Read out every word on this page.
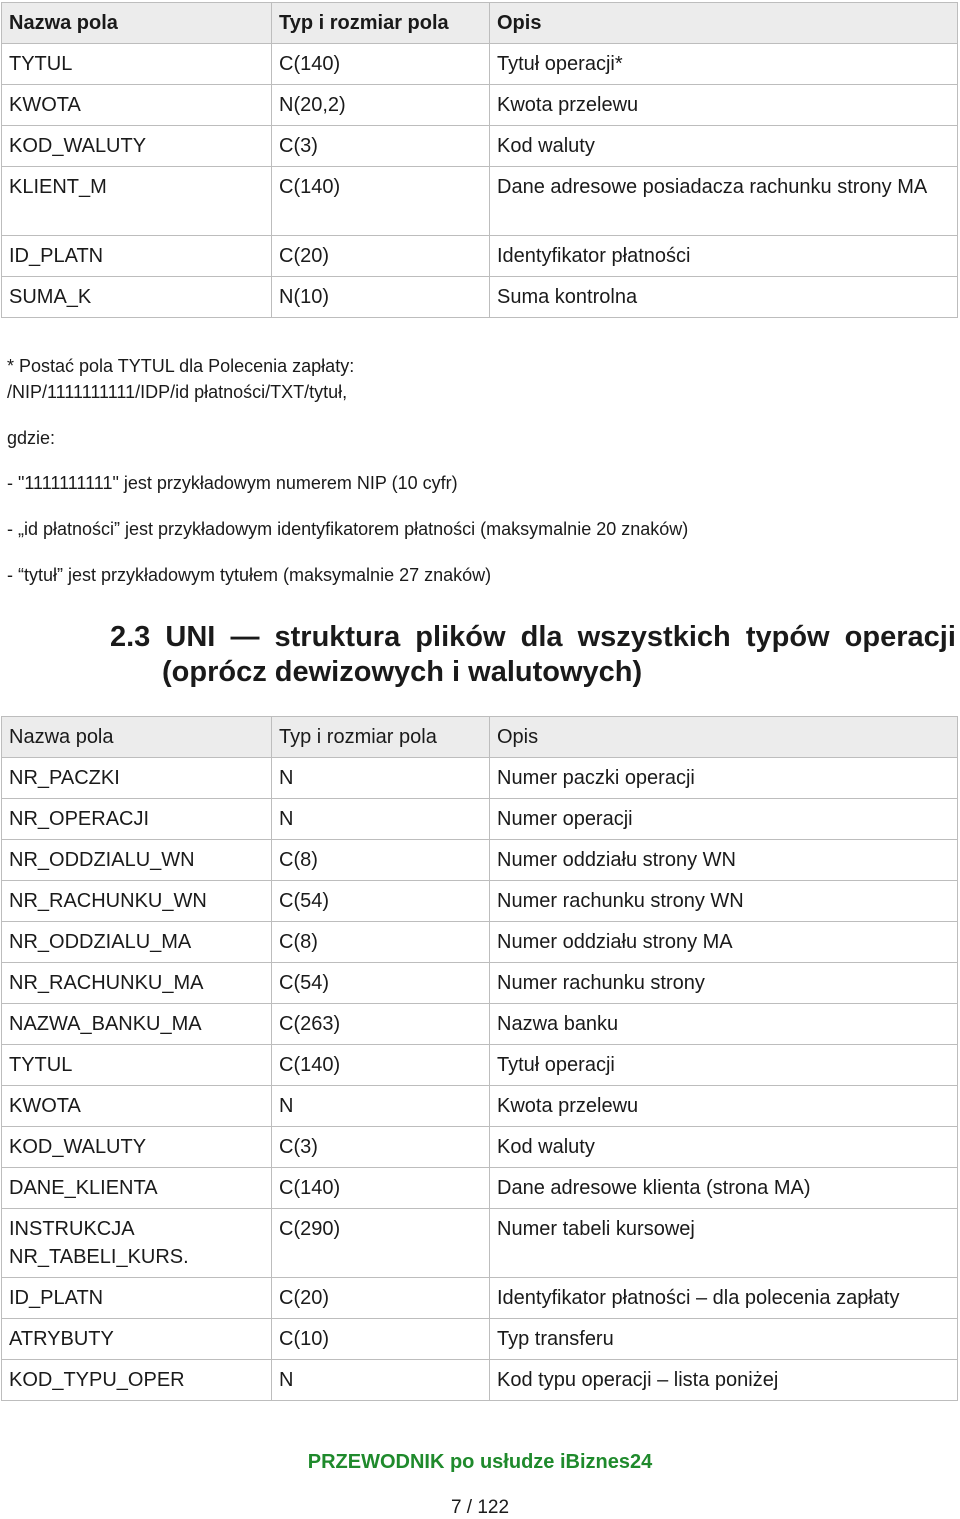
Nazwa pola	Typ i rozmiar pola	Opis
TYTUL	C(140)	Tytuł operacji*
KWOTA	N(20,2)	Kwota przelewu
KOD_WALUTY	C(3)	Kod waluty
KLIENT_M	C(140)	Dane adresowe posiadacza rachunku strony MA
ID_PLATN	C(20)	Identyfikator płatności
SUMA_K	N(10)	Suma kontrolna

* Postać pola TYTUL dla Polecenia zapłaty:

/NIP/1111111111/IDP/id płatności/TXT/tytuł,

gdzie:

- "1111111111" jest przykładowym numerem NIP (10 cyfr)

- „id płatności” jest przykładowym identyfikatorem płatności (maksymalnie 20 znaków)

- “tytuł” jest przykładowym tytułem (maksymalnie 27 znaków)

2.3 UNI — struktura plików dla wszystkich typów operacji
(oprócz dewizowych i walutowych)
Nazwa pola	Typ i rozmiar pola	Opis
NR_PACZKI	N	Numer paczki operacji
NR_OPERACJI	N	Numer operacji
NR_ODDZIALU_WN	C(8)	Numer oddziału strony WN
NR_RACHUNKU_WN	C(54)	Numer rachunku strony WN
NR_ODDZIALU_MA	C(8)	Numer oddziału strony MA
NR_RACHUNKU_MA	C(54)	Numer rachunku strony
NAZWA_BANKU_MA	C(263)	Nazwa banku
TYTUL	C(140)	Tytuł operacji
KWOTA	N	Kwota przelewu
KOD_WALUTY	C(3)	Kod waluty
DANE_KLIENTA	C(140)	Dane adresowe klienta (strona MA)
INSTRUKCJA NR_TABELI_KURS.	C(290)	Numer tabeli kursowej
ID_PLATN	C(20)	Identyfikator płatności – dla polecenia zapłaty
ATRYBUTY	C(10)	Typ transferu
KOD_TYPU_OPER	N	Kod typu operacji – lista poniżej
PRZEWODNIK po usłudze iBiznes24
7 / 122
